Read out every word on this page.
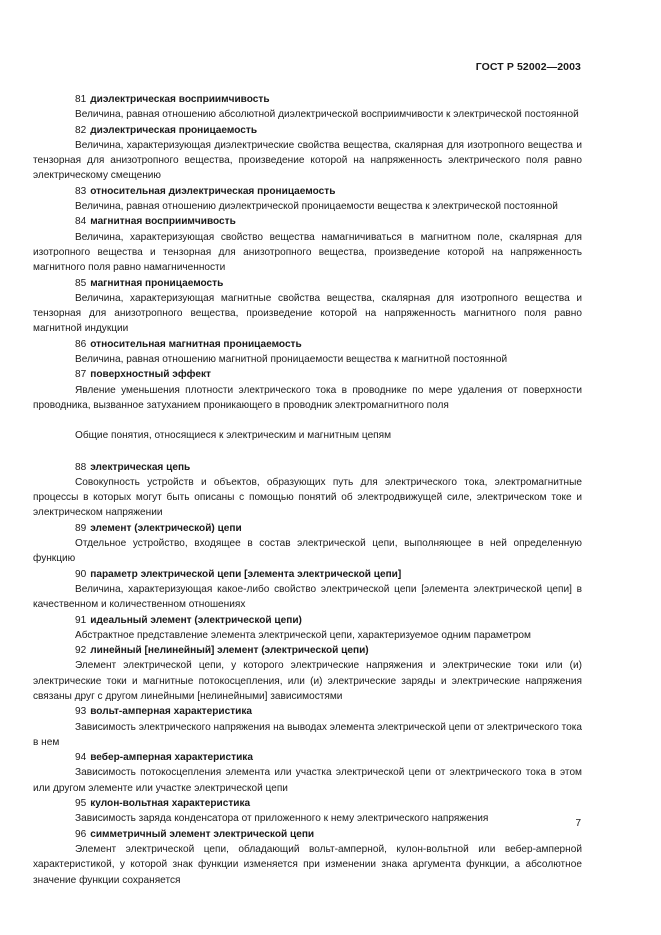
ГОСТ Р 52002—2003
81 диэлектрическая восприимчивость

Величина, равная отношению абсолютной диэлектрической восприимчивости к электрической постоянной

82 диэлектрическая проницаемость

Величина, характеризующая диэлектрические свойства вещества, скалярная для изотропного вещества и тензорная для анизотропного вещества, произведение которой на напряженность электрического поля равно электрическому смещению

83 относительная диэлектрическая проницаемость

Величина, равная отношению диэлектрической проницаемости вещества к электрической постоянной

84 магнитная восприимчивость

Величина, характеризующая свойство вещества намагничиваться в магнитном поле, скалярная для изотропного вещества и тензорная для анизотропного вещества, произведение которой на напряженность магнитного поля равно намагниченности

85 магнитная проницаемость

Величина, характеризующая магнитные свойства вещества, скалярная для изотропного вещества и тензорная для анизотропного вещества, произведение которой на напряженность магнитного поля равно магнитной индукции

86 относительная магнитная проницаемость

Величина, равная отношению магнитной проницаемости вещества к магнитной постоянной

87 поверхностный эффект

Явление уменьшения плотности электрического тока в проводнике по мере удаления от поверхности проводника, вызванное затуханием проникающего в проводник электромагнитного поля

Общие понятия, относящиеся к электрическим и магнитным цепям

88 электрическая цепь

Совокупность устройств и объектов, образующих путь для электрического тока, электромагнитные процессы в которых могут быть описаны с помощью понятий об электродвижущей силе, электрическом токе и электрическом напряжении

89 элемент (электрической) цепи

Отдельное устройство, входящее в состав электрической цепи, выполняющее в ней определенную функцию

90 параметр электрической цепи [элемента электрической цепи]

Величина, характеризующая какое-либо свойство электрической цепи [элемента электрической цепи] в качественном и количественном отношениях

91 идеальный элемент (электрической цепи)

Абстрактное представление элемента электрической цепи, характеризуемое одним параметром

92 линейный [нелинейный] элемент (электрической цепи)

Элемент электрической цепи, у которого электрические напряжения и электрические токи или (и) электрические токи и магнитные потокосцепления, или (и) электрические заряды и электрические напряжения связаны друг с другом линейными [нелинейными] зависимостями

93 вольт-амперная характеристика

Зависимость электрического напряжения на выводах элемента электрической цепи от электрического тока в нем

94 вебер-амперная характеристика

Зависимость потокосцепления элемента или участка электрической цепи от электрического тока в этом или другом элементе или участке электрической цепи

95 кулон-вольтная характеристика

Зависимость заряда конденсатора от приложенного к нему электрического напряжения

96 симметричный элемент электрической цепи

Элемент электрической цепи, обладающий вольт-амперной, кулон-вольтной или вебер-амперной характеристикой, у которой знак функции изменяется при изменении знака аргумента функции, а абсолютное значение функции сохраняется

7
